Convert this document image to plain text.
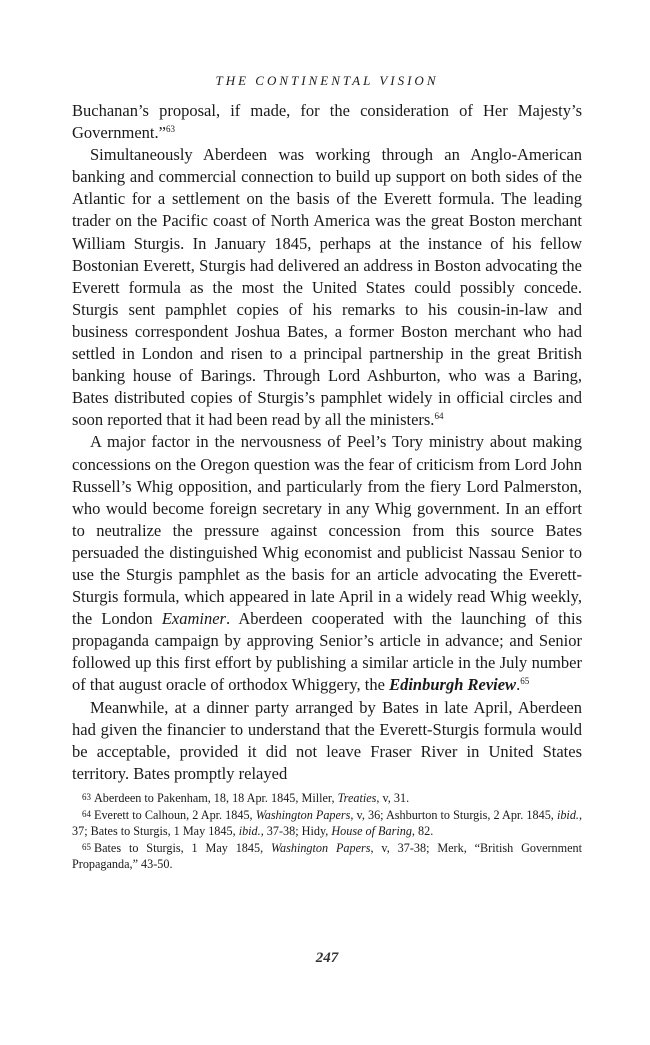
THE CONTINENTAL VISION

Buchanan’s proposal, if made, for the consideration of Her Majesty’s Government.”$^{63}$

Simultaneously Aberdeen was working through an Anglo-American banking and commercial connection to build up support on both sides of the Atlantic for a settlement on the basis of the Everett formula. The leading trader on the Pacific coast of North America was the great Boston merchant William Sturgis. In January 1845, perhaps at the instance of his fellow Bostonian Everett, Sturgis had delivered an address in Boston advocating the Everett formula as the most the United States could possibly concede. Sturgis sent pamphlet copies of his remarks to his cousin-in-law and business correspondent Joshua Bates, a former Boston merchant who had settled in London and risen to a principal partnership in the great British banking house of Barings. Through Lord Ashburton, who was a Baring, Bates distributed copies of Sturgis’s pamphlet widely in official circles and soon reported that it had been read by all the ministers.$^{64}$

A major factor in the nervousness of Peel’s Tory ministry about making concessions on the Oregon question was the fear of criticism from Lord John Russell’s Whig opposition, and particularly from the fiery Lord Palmerston, who would become foreign secretary in any Whig government. In an effort to neutralize the pressure against concession from this source Bates persuaded the distinguished Whig economist and publicist Nassau Senior to use the Sturgis pamphlet as the basis for an article advocating the Everett-Sturgis formula, which appeared in late April in a widely read Whig weekly, the London Examiner. Aberdeen cooperated with the launching of this propaganda campaign by approving Senior’s article in advance; and Senior followed up this first effort by publishing a similar article in the July number of that august oracle of orthodox Whiggery, the Edinburgh Review.$^{65}$

Meanwhile, at a dinner party arranged by Bates in late April, Aberdeen had given the financier to understand that the Everett-Sturgis formula would be acceptable, provided it did not leave Fraser River in United States territory. Bates promptly relayed

63 Aberdeen to Pakenham, 18, 18 Apr. 1845, Miller, Treaties, v, 31.

64 Everett to Calhoun, 2 Apr. 1845, Washington Papers, v, 36; Ashburton to Sturgis, 2 Apr. 1845, ibid., 37; Bates to Sturgis, 1 May 1845, ibid., 37-38; Hidy, House of Baring, 82.

65 Bates to Sturgis, 1 May 1845, Washington Papers, v, 37-38; Merk, “British Government Propaganda,” 43-50.

247
